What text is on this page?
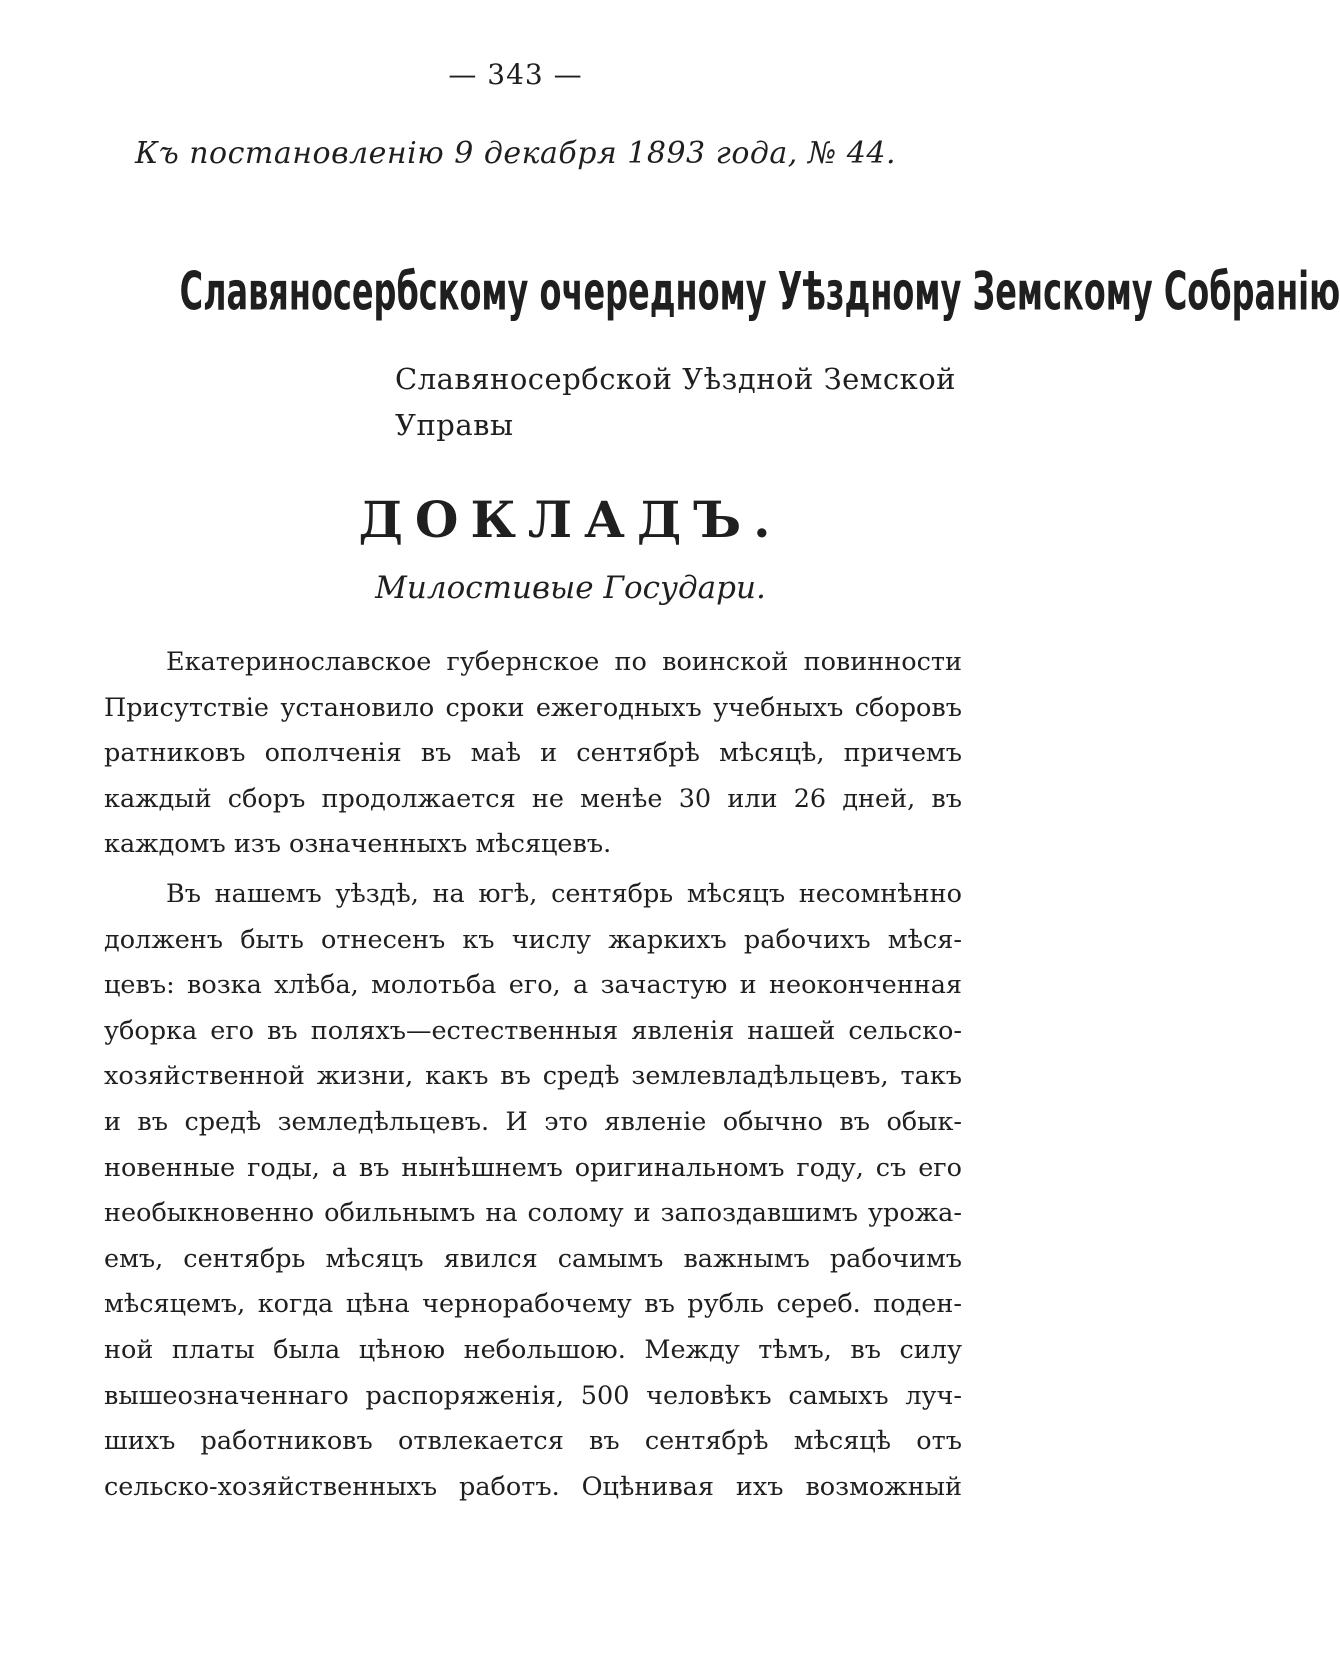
— 343 —
Къ постановленію 9 декабря 1893 года, № 44.
Славяносербскому очередному Уѣздному Земскому Собранію
Славяносербской Уѣздной Земской
Управы
ДОКЛАДЪ.
Милостивые Государи.
Екатеринославское губернское по воинской повинности
Присутствіе установило сроки ежегодныхъ учебныхъ сборовъ
ратниковъ ополченія въ маѣ и сентябрѣ мѣсяцѣ, причемъ
каждый сборъ продолжается не менѣе 30 или 26 дней, въ
каждомъ изъ означенныхъ мѣсяцевъ.
Въ нашемъ уѣздѣ, на югѣ, сентябрь мѣсяцъ несомнѣнно
долженъ быть отнесенъ къ числу жаркихъ рабочихъ мѣся-
цевъ: возка хлѣба, молотьба его, а зачастую и неоконченная
уборка его въ поляхъ—естественныя явленія нашей сельско-
хозяйственной жизни, какъ въ средѣ землевладѣльцевъ, такъ
и въ средѣ земледѣльцевъ. И это явленіе обычно въ обык-
новенные годы, а въ нынѣшнемъ оригинальномъ году, съ его
необыкновенно обильнымъ на солому и запоздавшимъ урожа-
емъ, сентябрь мѣсяцъ явился самымъ важнымъ рабочимъ
мѣсяцемъ, когда цѣна чернорабочему въ рубль сереб. поден-
ной платы была цѣною небольшою. Между тѣмъ, въ силу
вышеозначеннаго распоряженія, 500 человѣкъ самыхъ луч-
шихъ работниковъ отвлекается въ сентябрѣ мѣсяцѣ отъ
сельско-хозяйственныхъ работъ. Оцѣнивая ихъ возможный
